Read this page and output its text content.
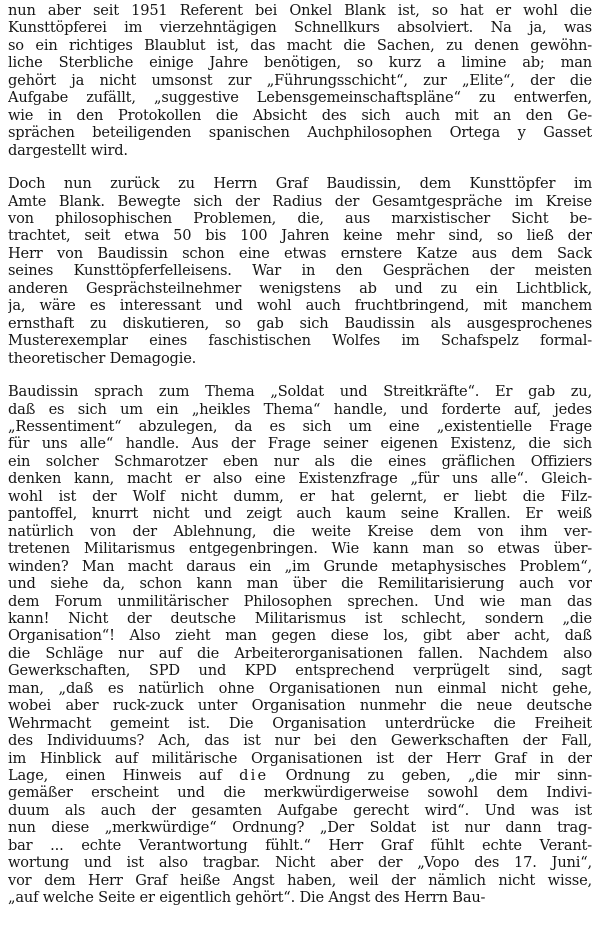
nun aber seit 1951 Referent bei Onkel Blank ist, so hat er wohl die
Kunsttöpferei im vierzehntägigen Schnellkurs absolviert. Na ja, was
so ein richtiges Blaublut ist, das macht die Sachen, zu denen gewöhn-
liche Sterbliche einige Jahre benötigen, so kurz a limine ab; man
gehört ja nicht umsonst zur „Führungsschicht“, zur „Elite“, der die
Aufgabe zufällt, „suggestive Lebensgemeinschaftspläne“ zu entwerfen,
wie in den Protokollen die Absicht des sich auch mit an den Ge-
sprächen beteiligenden spanischen Auchphilosophen Ortega y Gasset
dargestellt wird.

Doch nun zurück zu Herrn Graf Baudissin, dem Kunsttöpfer im
Amte Blank. Bewegte sich der Radius der Gesamtgespräche im Kreise
von philosophischen Problemen, die, aus marxistischer Sicht be-
trachtet, seit etwa 50 bis 100 Jahren keine mehr sind, so ließ der
Herr von Baudissin schon eine etwas ernstere Katze aus dem Sack
seines Kunsttöpferfelleisens. War in den Gesprächen der meisten
anderen Gesprächsteilnehmer wenigstens ab und zu ein Lichtblick,
ja, wäre es interessant und wohl auch fruchtbringend, mit manchem
ernsthaft zu diskutieren, so gab sich Baudissin als ausgesprochenes
Musterexemplar eines faschistischen Wolfes im Schafspelz formal-
theoretischer Demagogie.

Baudissin sprach zum Thema „Soldat und Streitkräfte“. Er gab zu,
daß es sich um ein „heikles Thema“ handle, und forderte auf, jedes
„Ressentiment“ abzulegen, da es sich um eine „existentielle Frage
für uns alle“ handle. Aus der Frage seiner eigenen Existenz, die sich
ein solcher Schmarotzer eben nur als die eines gräflichen Offiziers
denken kann, macht er also eine Existenzfrage „für uns alle“. Gleich-
wohl ist der Wolf nicht dumm, er hat gelernt, er liebt die Filz-
pantoffel, knurrt nicht und zeigt auch kaum seine Krallen. Er weiß
natürlich von der Ablehnung, die weite Kreise dem von ihm ver-
tretenen Militarismus entgegenbringen. Wie kann man so etwas über-
winden? Man macht daraus ein „im Grunde metaphysisches Problem“,
und siehe da, schon kann man über die Remilitarisierung auch vor
dem Forum unmilitärischer Philosophen sprechen. Und wie man das
kann! Nicht der deutsche Militarismus ist schlecht, sondern „die
Organisation“! Also zieht man gegen diese los, gibt aber acht, daß
die Schläge nur auf die Arbeiterorganisationen fallen. Nachdem also
Gewerkschaften, SPD und KPD entsprechend verprügelt sind, sagt
man, „daß es natürlich ohne Organisationen nun einmal nicht gehe,
wobei aber ruck-zuck unter Organisation nunmehr die neue deutsche
Wehrmacht gemeint ist. Die Organisation unterdrücke die Freiheit
des Individuums? Ach, das ist nur bei den Gewerkschaften der Fall,
im Hinblick auf militärische Organisationen ist der Herr Graf in der
Lage, einen Hinweis auf die Ordnung zu geben, „die mir sinn-
gemäßer erscheint und die merkwürdigerweise sowohl dem Indivi-
duum als auch der gesamten Aufgabe gerecht wird“. Und was ist
nun diese „merkwürdige“ Ordnung? „Der Soldat ist nur dann trag-
bar ... echte Verantwortung fühlt.“ Herr Graf fühlt echte Verant-
wortung und ist also tragbar. Nicht aber der „Vopo des 17. Juni“,
vor dem Herr Graf heiße Angst haben, weil der nämlich nicht wisse,
„auf welche Seite er eigentlich gehört“. Die Angst des Herrn Bau-
